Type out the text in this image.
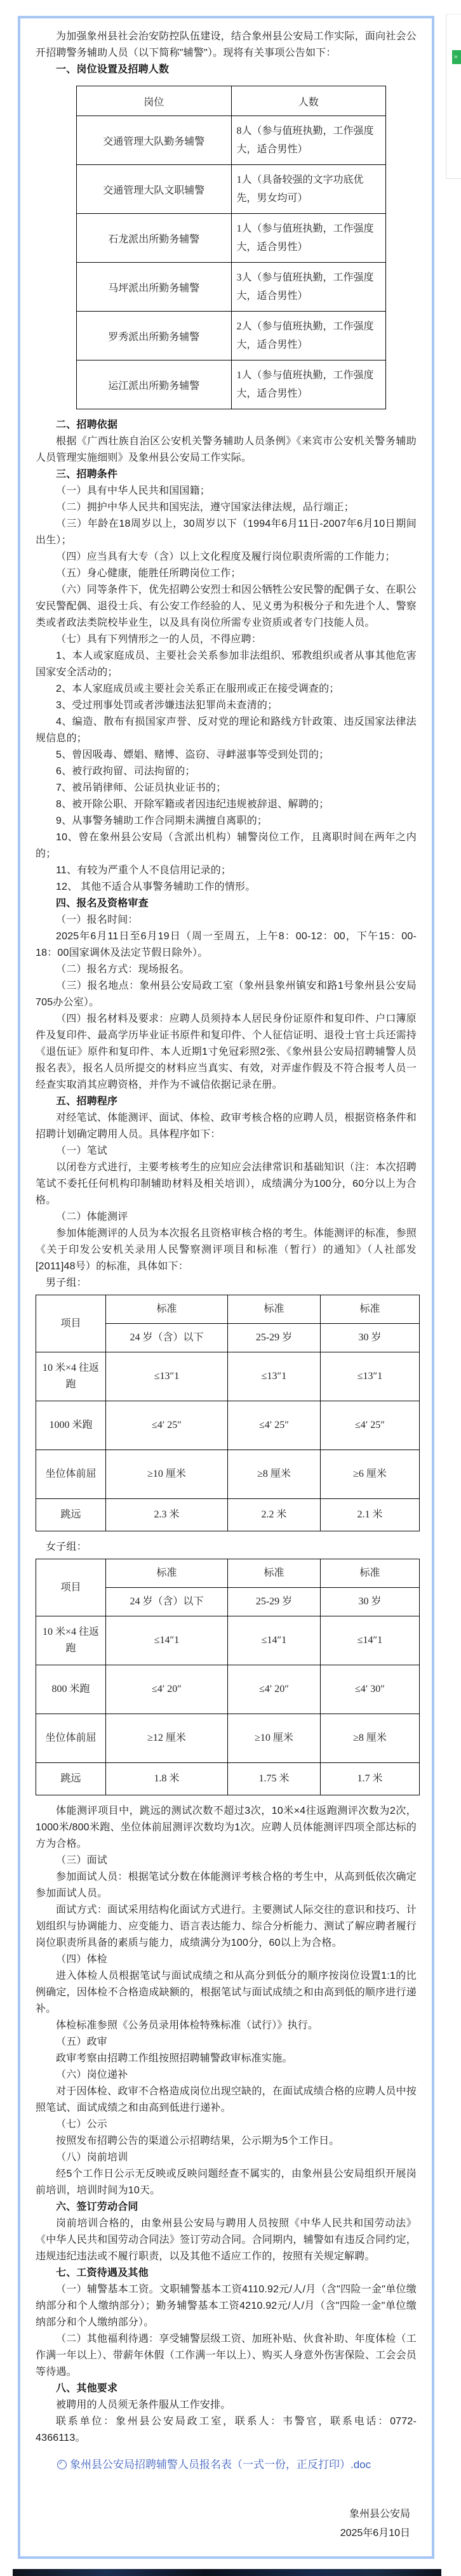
为加强象州县社会治安防控队伍建设，结合象州县公安局工作实际，面向社会公开招聘警务辅助人员（以下简称"辅警"）。现将有关事项公告如下：

一、岗位设置及招聘人数

岗位	人数
交通管理大队勤务辅警	8人（参与值班执勤，工作强度大，适合男性）
交通管理大队文职辅警	1人（具备较强的文字功底优先，男女均可）
石龙派出所勤务辅警	1人（参与值班执勤，工作强度大，适合男性）
马坪派出所勤务辅警	3人（参与值班执勤，工作强度大，适合男性）
罗秀派出所勤务辅警	2人（参与值班执勤，工作强度大，适合男性）
运江派出所勤务辅警	1人（参与值班执勤，工作强度大，适合男性）

二、招聘依据

根据《广西壮族自治区公安机关警务辅助人员条例》《来宾市公安机关警务辅助人员管理实施细则》及象州县公安局工作实际。

三、招聘条件

（一）具有中华人民共和国国籍；

（二）拥护中华人民共和国宪法，遵守国家法律法规，品行端正；

（三）年龄在18周岁以上，30周岁以下（1994年6月11日-2007年6月10日期间出生）；

（四）应当具有大专（含）以上文化程度及履行岗位职责所需的工作能力；

（五）身心健康，能胜任所聘岗位工作；

（六）同等条件下，优先招聘公安烈士和因公牺牲公安民警的配偶子女、在职公安民警配偶、退役士兵、有公安工作经验的人、见义勇为积极分子和先进个人、警察类或者政法类院校毕业生，以及具有岗位所需专业资质或者专门技能人员。

（七）具有下列情形之一的人员，不得应聘：

1、本人或家庭成员、主要社会关系参加非法组织、邪教组织或者从事其他危害国家安全活动的；

2、本人家庭成员或主要社会关系正在服刑或正在接受调查的；

3、受过刑事处罚或者涉嫌违法犯罪尚未查清的；

4、编造、散布有损国家声誉、反对党的理论和路线方针政策、违反国家法律法规信息的；

5、曾因吸毒、嫖娼、赌博、盗窃、寻衅滋事等受到处罚的；

6、被行政拘留、司法拘留的；

7、被吊销律师、公证员执业证书的；

8、被开除公职、开除军籍或者因违纪违规被辞退、解聘的；

9、从事警务辅助工作合同期未满擅自离职的；

10、曾在象州县公安局（含派出机构）辅警岗位工作，且离职时间在两年之内的；

11、有较为严重个人不良信用记录的；

12、 其他不适合从事警务辅助工作的情形。

四、报名及资格审查

（一）报名时间：

2025年6月11日至6月19日（周一至周五，上午8：00-12：00，下午15：00-18：00国家调休及法定节假日除外）。

（二）报名方式：现场报名。

（三）报名地点：象州县公安局政工室（象州县象州镇安和路1号象州县公安局705办公室）。

（四）报名材料及要求：应聘人员须持本人居民身份证原件和复印件、户口簿原件及复印件、最高学历毕业证书原件和复印件、个人征信证明、退役士官士兵还需持《退伍证》原件和复印件、本人近期1寸免冠彩照2张、《象州县公安局招聘辅警人员报名表》，报名人员所提交的材料应当真实、有效，对弄虚作假及不符合报考人员一经查实取消其应聘资格，并作为不诚信依据记录在册。

五、招聘程序

对经笔试、体能测评、面试、体检、政审考核合格的应聘人员，根据资格条件和招聘计划确定聘用人员。具体程序如下：

（一）笔试

以闭卷方式进行，主要考核考生的应知应会法律常识和基础知识（注：本次招聘笔试不委托任何机构印制辅助材料及相关培训），成绩满分为100分，60分以上为合格。

（二）体能测评

参加体能测评的人员为本次报名且资格审核合格的考生。体能测评的标准，参照《关于印发公安机关录用人民警察测评项目和标准（暂行）的通知》（人社部发[2011]48号）的标准，具体如下：

男子组：

项目	标准	标准	标准
	24 岁（含）以下	25-29 岁	30 岁
10 米×4 往返跑	≤13″1	≤13″1	≤13″1
1000 米跑	≤4′ 25″	≤4′ 25″	≤4′ 25″
坐位体前屈	≥10 厘米	≥8 厘米	≥6 厘米
跳远	2.3 米	2.2 米	2.1 米

女子组：

项目	标准	标准	标准
	24 岁（含）以下	25-29 岁	30 岁
10 米×4 往返跑	≤14″1	≤14″1	≤14″1
800 米跑	≤4′ 20″	≤4′ 20″	≤4′ 30″
坐位体前屈	≥12 厘米	≥10 厘米	≥8 厘米
跳远	1.8 米	1.75 米	1.7 米

体能测评项目中，跳远的测试次数不超过3次，10米×4往返跑测评次数为2次，1000米/800米跑、坐位体前屈测评次数均为1次。应聘人员体能测评四项全部达标的方为合格。

（三）面试

参加面试人员：根据笔试分数在体能测评考核合格的考生中，从高到低依次确定参加面试人员。

面试方式：面试采用结构化面试方式进行。主要测试人际交往的意识和技巧、计划组织与协调能力、应变能力、语言表达能力、综合分析能力、测试了解应聘者履行岗位职责所具备的素质与能力，成绩满分为100分，60以上为合格。

（四）体检

进入体检人员根据笔试与面试成绩之和从高分到低分的顺序按岗位设置1:1的比例确定，因体检不合格造成缺额的，根据笔试与面试成绩之和由高到低的顺序进行递补。

体检标准参照《公务员录用体检特殊标准（试行）》执行。

（五）政审

政审考察由招聘工作组按照招聘辅警政审标准实施。

（六）岗位递补

对于因体检、政审不合格造成岗位出现空缺的，在面试成绩合格的应聘人员中按照笔试、面试成绩之和由高到低进行递补。

（七）公示

按照发布招聘公告的渠道公示招聘结果，公示期为5个工作日。

（八）岗前培训

经5个工作日公示无反映或反映问题经查不属实的，由象州县公安局组织开展岗前培训，培训时间为10天。

六、签订劳动合同

岗前培训合格的，由象州县公安局与聘用人员按照《中华人民共和国劳动法》《中华人民共和国劳动合同法》签订劳动合同。合同期内，辅警如有违反合同约定，违规违纪违法或不履行职责，以及其他不适应工作的，按照有关规定解聘。

七、工资待遇及其他

（一）辅警基本工资。文职辅警基本工资4110.92元/人/月（含"四险一金"单位缴纳部分和个人缴纳部分）；勤务辅警基本工资4210.92元/人/月（含"四险一金"单位缴纳部分和个人缴纳部分）。

（二）其他福利待遇：享受辅警层级工资、加班补贴、伙食补助、年度体检（工作满一年以上）、带薪年休假（工作满一年以上）、购买人身意外伤害保险、工会会员等待遇。

八、其他要求

被聘用的人员须无条件服从工作安排。

联系单位：象州县公安局政工室，联系人：韦警官，联系电话：0772-4366113。

象州县公安局招聘辅警人员报名表（一式一份，正反打印）.doc

象州县公安局
2025年6月10日
»
